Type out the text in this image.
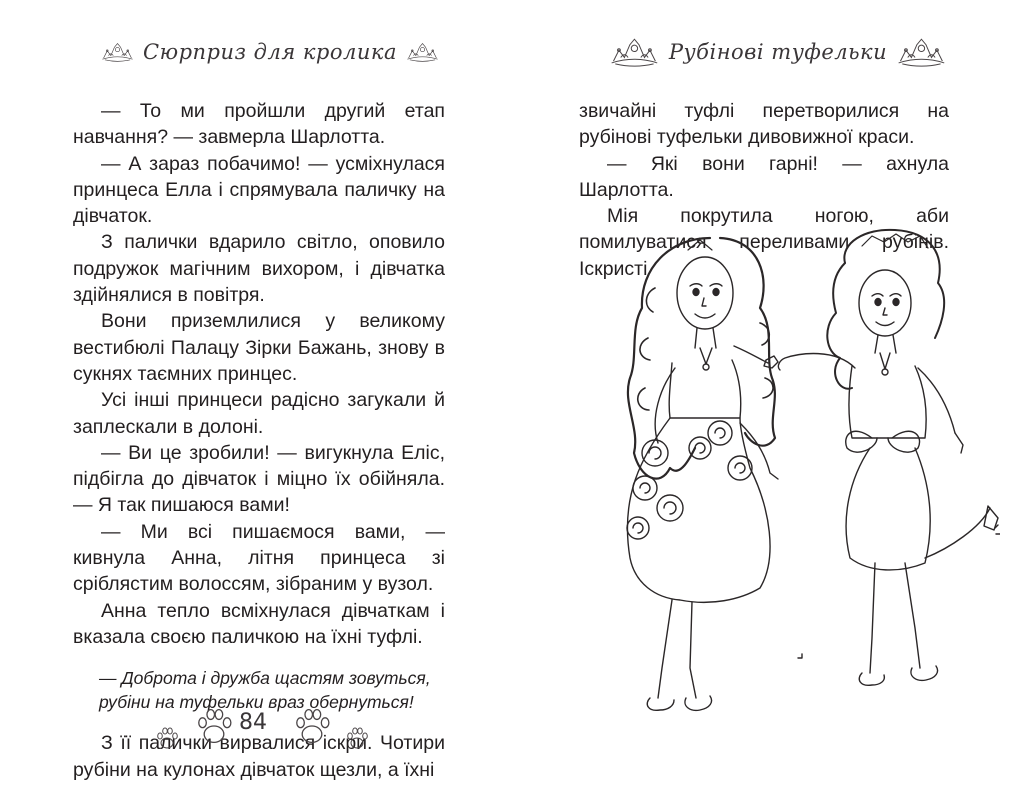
Сюрприз для кролика

— То ми пройшли другий етап навчання? — завмерла Шарлотта.

— А зараз побачимо! — усміхнулася принцеса Елла і спрямувала паличку на дівчаток.

З палички вдарило світло, оповило подружок магічним вихором, і дівчатка здійнялися в повітря.

Вони приземлилися у великому вестибюлі Палацу Зірки Бажань, знову в сукнях таємних принцес.

Усі інші принцеси радісно загукали й заплескали в долоні.

— Ви це зробили! — вигукнула Еліс, підбігла до дівчаток і міцно їх обійняла. — Я так пишаюся вами!

— Ми всі пишаємося вами, — кивнула Анна, літня принцеса зі сріблястим волоссям, зібраним у вузол.

Анна тепло всміхнулася дівчаткам і вказала своєю паличкою на їхні туфлі.

— Доброта і дружба щастям зовуться,
рубіни на туфельки враз обернуться!

З її палички вирвалися іскри. Чотири рубіни на кулонах дівчаток щезли, а їхні

84
Рубінові туфельки

звичайні туфлі перетворилися на рубінові туфельки дивовижної краси.

— Які вони гарні! — ахнула Шарлотта.

Мія покрутила ногою, аби помилуватися переливами рубінів. Іскристі
